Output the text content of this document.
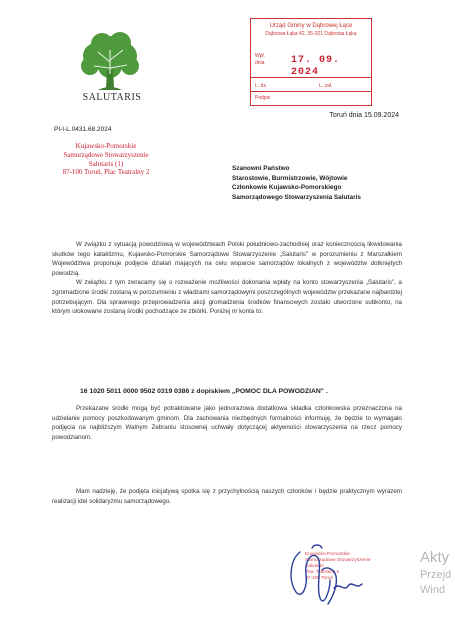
SALUTARIS
Urząd Gminy w Dąbrowej Łące
Dąbrowa Łąka 42, 35-321 Dąbrowa Łąka
Wpł.
dnia	17. 09. 2024
L. dz.	L. zał.
Podpis
Toruń dnia 15.09.2024
PI-I-L.0431.68.2024
Kujawsko-Pomorskie
Samorządowe Stowarzyszenie
Salutaris (1)
87-100 Toruń, Plac Teatralny 2	Szanowni Państwo
Starostowie, Burmistrzowie, Wójtowie
Członkowie Kujawsko-Pomorskiego
Samorządowego Stowarzyszenia Salutaris

W związku z sytuacją powodziową w województwach Polski południowo-zachodniej oraz koniecznością likwidowania skutków tego kataklizmu, Kujawsko-Pomorskie Samorządowe Stowarzyszenie „Salutaris" w porozumieniu z Marszałkiem Województwa proponuje podjęcie działań mających na celu wsparcie samorządów lokalnych z województw dotkniętych powodzią.

W związku z tym zwracamy się o rozważenie możliwości dokonania wpłaty na konto stowarzyszenia „Salutaris", a zgromadzone środki zostaną w porozumieniu z władzami samorządowymi poszczególnych województw przekazane najbardziej potrzebującym. Dla sprawnego przeprowadzenia akcji gromadzenia środków finansowych zostało utworzone subkonto, na którym ulokowane zostaną środki pochodzące ze zbiórki. Poniżej nr konta to:

16 1020 5011 0000 9502 0319 0386 z dopiskiem „POMOC DLA POWODZIAN" .

Przekazane środki mogą być potraktowane jako jednorazowa dodatkowa składka członkowska przeznaczona na udzielanie pomocy poszkodowanym gminom. Dla zachowania niezbędnych formalności informuję, że będzie to wymagało podjęcia na najbliższym Walnym Zebraniu stosownej uchwały dotyczącej aktywności stowarzyszenia na rzecz pomocy powodzianom.

Mam nadzieję, że podjęta inicjatywą spotka się z przychylnością naszych członków i będzie praktycznym wyrazem realizacji idei solidaryzmu samorządowego.

Kujawsko-Pomorskie
Samorządowe Stowarzyszenie
Salutaris
Plac Teatralny 2
87-100 Toruń
Akty
Przejd
Wind
